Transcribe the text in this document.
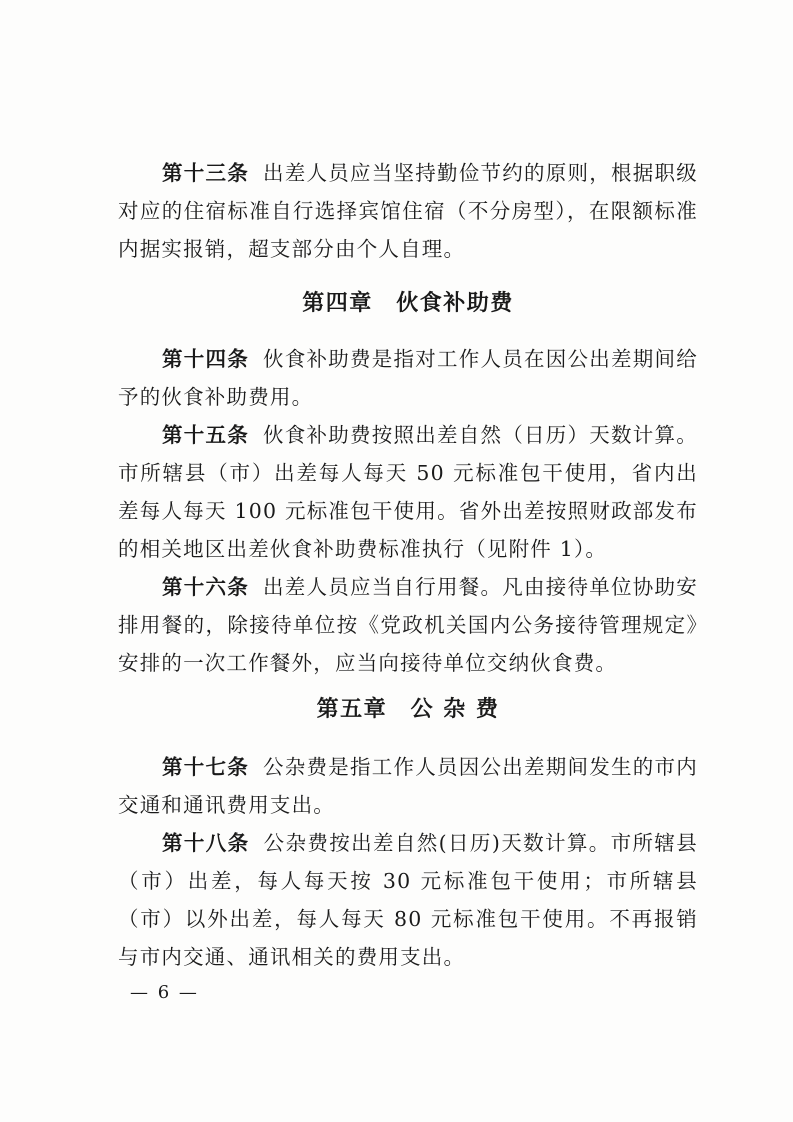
第十三条 出差人员应当坚持勤俭节约的原则，根据职级对应的住宿标准自行选择宾馆住宿（不分房型），在限额标准内据实报销，超支部分由个人自理。

第四章　伙食补助费

第十四条 伙食补助费是指对工作人员在因公出差期间给予的伙食补助费用。

第十五条 伙食补助费按照出差自然（日历）天数计算。市所辖县（市）出差每人每天 50 元标准包干使用，省内出差每人每天 100 元标准包干使用。省外出差按照财政部发布的相关地区出差伙食补助费标准执行（见附件 1）。

第十六条 出差人员应当自行用餐。凡由接待单位协助安排用餐的，除接待单位按《党政机关国内公务接待管理规定》安排的一次工作餐外，应当向接待单位交纳伙食费。

第五章　公 杂 费

第十七条 公杂费是指工作人员因公出差期间发生的市内交通和通讯费用支出。

第十八条 公杂费按出差自然(日历)天数计算。市所辖县（市）出差，每人每天按 30 元标准包干使用；市所辖县（市）以外出差，每人每天 80 元标准包干使用。不再报销与市内交通、通讯相关的费用支出。

— 6 —
